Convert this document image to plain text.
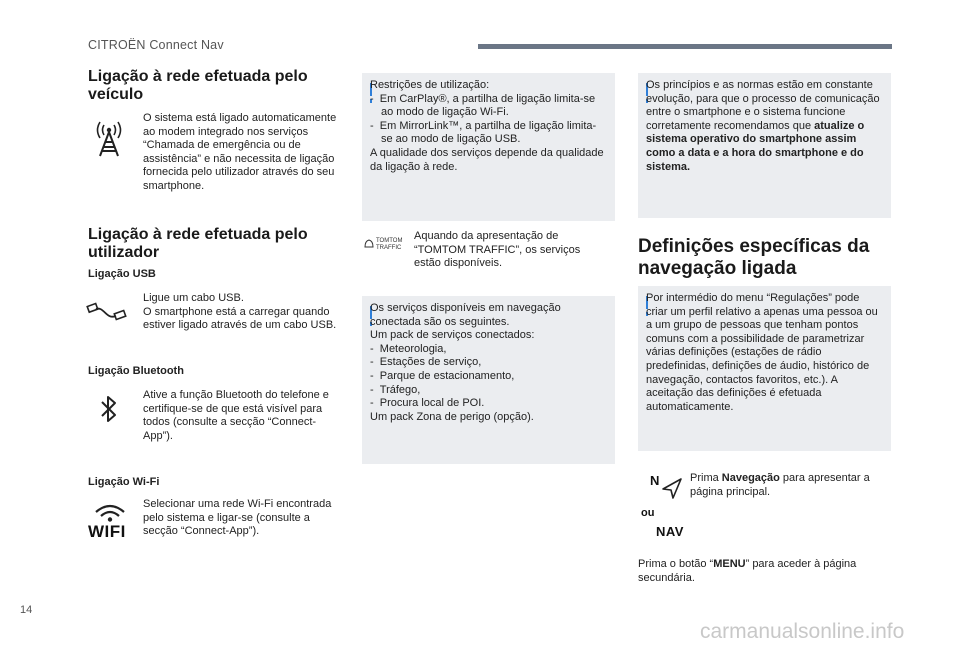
CITROËN Connect Nav
Ligação à rede efetuada pelo veículo
O sistema está ligado automaticamente ao modem integrado nos serviços “Chamada de emergência ou de assistência” e não necessita de ligação fornecida pelo utilizador através do seu smartphone.
Ligação à rede efetuada pelo utilizador
Ligação USB
Ligue um cabo USB.
O smartphone está a carregar quando estiver ligado através de um cabo USB.
Ligação Bluetooth
Ative a função Bluetooth do telefone e certifique-se de que está visível para todos (consulte a secção “Connect-App”).
Ligação Wi-Fi
WIFI
Selecionar uma rede Wi-Fi encontrada pelo sistema e ligar-se (consulte a secção “Connect-App”).

Restrições de utilização:

-  Em CarPlay®, a partilha de ligação limita-se ao modo de ligação Wi-Fi.

-  Em MirrorLink™, a partilha de ligação limita-se ao modo de ligação USB.

A qualidade dos serviços depende da qualidade da ligação à rede.

TOMTOM
TRAFFIC
Aquando da apresentação de “TOMTOM TRAFFIC”, os serviços estão disponíveis.

Os serviços disponíveis em navegação conectada são os seguintes.

Um pack de serviços conectados:

-  Meteorologia,

-  Estações de serviço,

-  Parque de estacionamento,

-  Tráfego,

-  Procura local de POI.

Um pack Zona de perigo (opção).

Os princípios e as normas estão em constante evolução, para que o processo de comunicação entre o smartphone e o sistema funcione corretamente recomendamos que atualize o sistema operativo do smartphone assim como a data e a hora do smartphone e do sistema.

Definições específicas da navegação ligada

Por intermédio do menu “Regulações” pode criar um perfil relativo a apenas uma pessoa ou a um grupo de pessoas que tenham pontos comuns com a possibilidade de parametrizar várias definições (estações de rádio predefinidas, definições de áudio, histórico de navegação, contactos favoritos, etc.). A aceitação das definições é efetuada automaticamente.

N
ou
NAV
Prima Navegação para apresentar a página principal.
Prima o botão “MENU” para aceder à página secundária.
14
carmanualsonline.info
